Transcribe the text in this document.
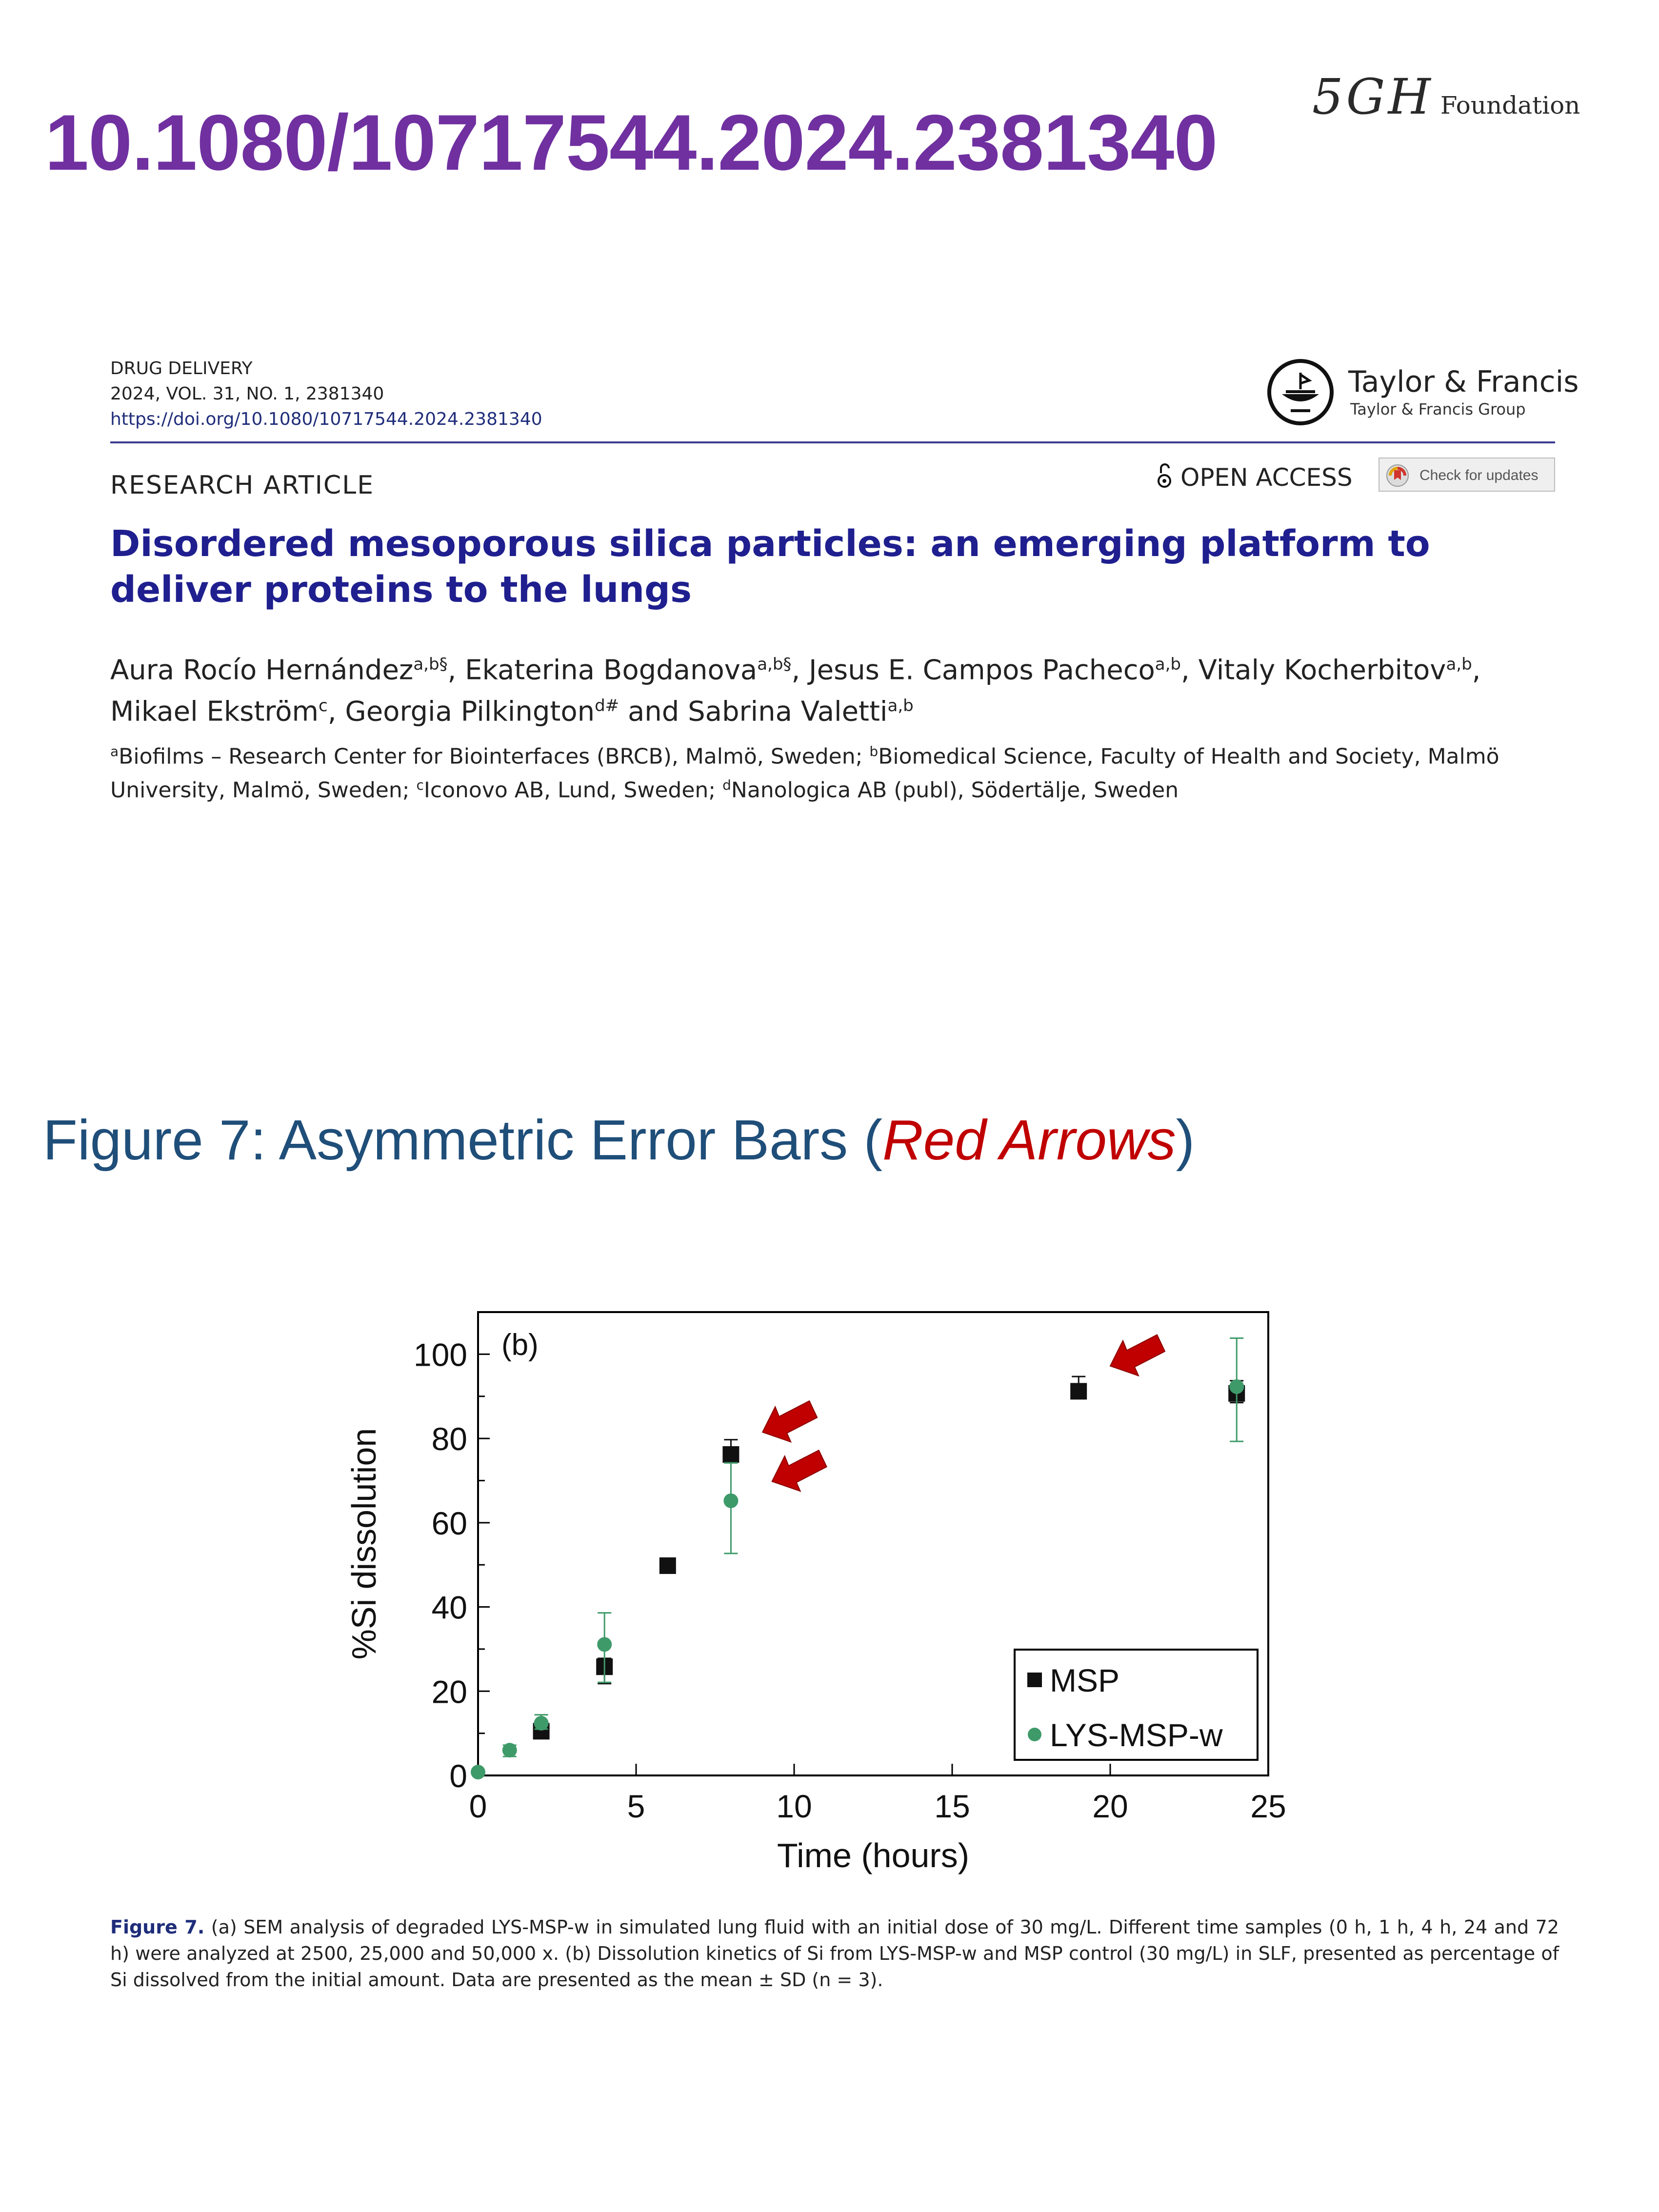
10.1080/10717544.2024.2381340
5GH Foundation
DRUG DELIVERY
2024, VOL. 31, NO. 1, 2381340
https://doi.org/10.1080/10717544.2024.2381340
Taylor & Francis
Taylor & Francis Group
RESEARCH ARTICLE	OPEN ACCESS	Check for updates
Disordered mesoporous silica particles: an emerging platform to deliver proteins to the lungs
Aura Rocío Hernández$^{a,b\S}$, Ekaterina Bogdanova$^{a,b\S}$, Jesus E. Campos Pacheco$^{a,b}$, Vitaly Kocherbitov$^{a,b}$,
Mikael Ekström$^c$, Georgia Pilkington$^{d\#}$ and Sabrina Valetti$^{a,b}$
$^a$Biofilms – Research Center for Biointerfaces (BRCB), Malmö, Sweden; $^b$Biomedical Science, Faculty of Health and Society, Malmö University, Malmö, Sweden; $^c$Iconovo AB, Lund, Sweden; $^d$Nanologica AB (publ), Södertälje, Sweden
Figure 7: Asymmetric Error Bars (Red Arrows)
0	5	10	15	20	25
0
20
40
60
80
100
Time (hours)
%Si dissolution
(b)
MSP
LYS-MSP-w
Figure 7. (a) SEM analysis of degraded LYS-MSP-w in simulated lung fluid with an initial dose of 30 mg/L. Different time samples (0 h, 1 h, 4 h, 24 and 72 h) were analyzed at 2500, 25,000 and 50,000 x. (b) Dissolution kinetics of Si from LYS-MSP-w and MSP control (30 mg/L) in SLF, presented as percentage of Si dissolved from the initial amount. Data are presented as the mean ± SD (n = 3).
